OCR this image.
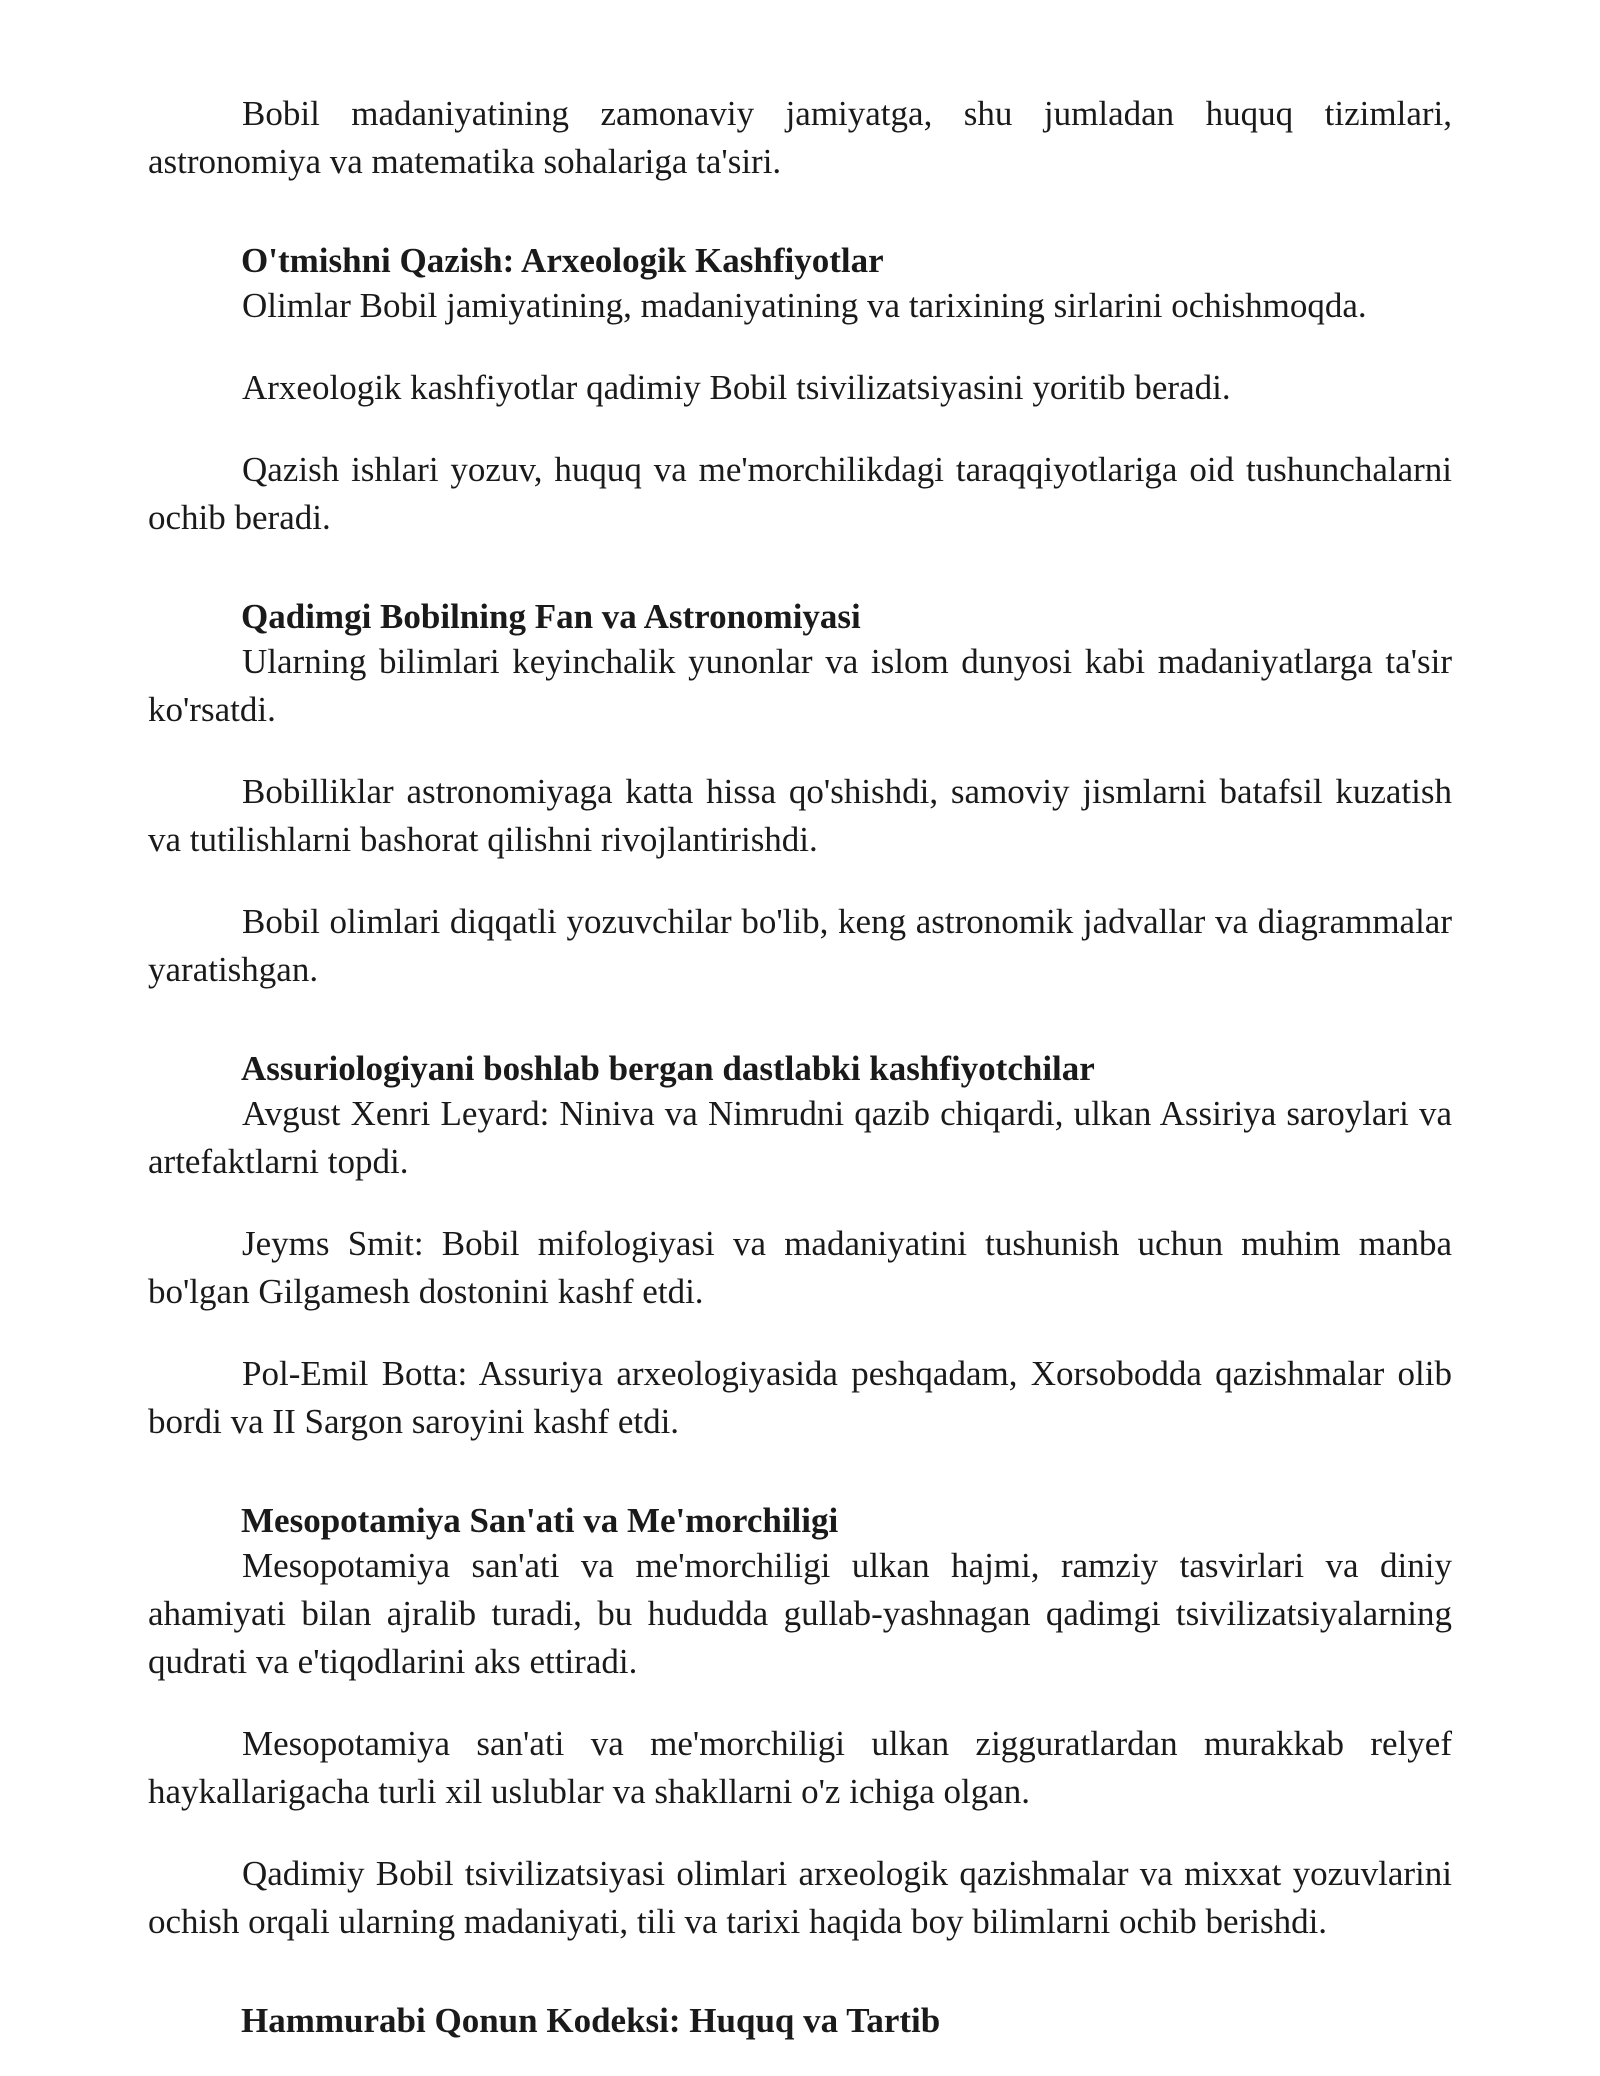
Bobil madaniyatining zamonaviy jamiyatga, shu jumladan huquq tizimlari, astronomiya va matematika sohalariga ta'siri.

O'tmishni Qazish: Arxeologik Kashfiyotlar

Olimlar Bobil jamiyatining, madaniyatining va tarixining sirlarini ochishmoqda.

Arxeologik kashfiyotlar qadimiy Bobil tsivilizatsiyasini yoritib beradi.

Qazish ishlari yozuv, huquq va me'morchilikdagi taraqqiyotlariga oid tushunchalarni ochib beradi.

Qadimgi Bobilning Fan va Astronomiyasi

Ularning bilimlari keyinchalik yunonlar va islom dunyosi kabi madaniyatlarga ta'sir ko'rsatdi.

Bobilliklar astronomiyaga katta hissa qo'shishdi, samoviy jismlarni batafsil kuzatish va tutilishlarni bashorat qilishni rivojlantirishdi.

Bobil olimlari diqqatli yozuvchilar bo'lib, keng astronomik jadvallar va diagrammalar yaratishgan.

Assuriologiyani boshlab bergan dastlabki kashfiyotchilar

Avgust Xenri Leyard: Niniva va Nimrudni qazib chiqardi, ulkan Assiriya saroylari va artefaktlarni topdi.

Jeyms Smit: Bobil mifologiyasi va madaniyatini tushunish uchun muhim manba bo'lgan Gilgamesh dostonini kashf etdi.

Pol-Emil Botta: Assuriya arxeologiyasida peshqadam, Xorsobodda qazishmalar olib bordi va II Sargon saroyini kashf etdi.

Mesopotamiya San'ati va Me'morchiligi

Mesopotamiya san'ati va me'morchiligi ulkan hajmi, ramziy tasvirlari va diniy ahamiyati bilan ajralib turadi, bu hududda gullab-yashnagan qadimgi tsivilizatsiyalarning qudrati va e'tiqodlarini aks ettiradi.

Mesopotamiya san'ati va me'morchiligi ulkan zigguratlardan murakkab relyef haykallarigacha turli xil uslublar va shakllarni o'z ichiga olgan.

Qadimiy Bobil tsivilizatsiyasi olimlari arxeologik qazishmalar va mixxat yozuvlarini ochish orqali ularning madaniyati, tili va tarixi haqida boy bilimlarni ochib berishdi.

Hammurabi Qonun Kodeksi: Huquq va Tartib
